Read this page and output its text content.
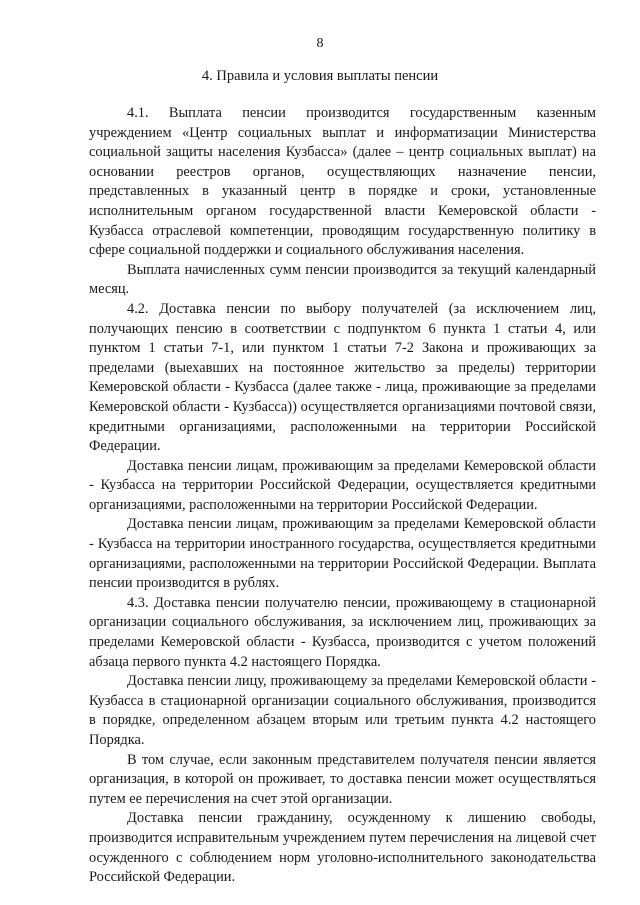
8
4. Правила и условия выплаты пенсии

4.1. Выплата пенсии производится государственным казенным учреждением «Центр социальных выплат и информатизации Министерства социальной защиты населения Кузбасса» (далее – центр социальных выплат) на основании реестров органов, осуществляющих назначение пенсии, представленных в указанный центр в порядке и сроки, установленные исполнительным органом государственной власти Кемеровской области - Кузбасса отраслевой компетенции, проводящим государственную политику в сфере социальной поддержки и социального обслуживания населения.

Выплата начисленных сумм пенсии производится за текущий календарный месяц.

4.2. Доставка пенсии по выбору получателей (за исключением лиц, получающих пенсию в соответствии с подпунктом 6 пункта 1 статьи 4, или пунктом 1 статьи 7-1, или пунктом 1 статьи 7-2 Закона и проживающих за пределами (выехавших на постоянное жительство за пределы) территории Кемеровской области - Кузбасса (далее также - лица, проживающие за пределами Кемеровской области - Кузбасса)) осуществляется организациями почтовой связи, кредитными организациями, расположенными на территории Российской Федерации.

Доставка пенсии лицам, проживающим за пределами Кемеровской области - Кузбасса на территории Российской Федерации, осуществляется кредитными организациями, расположенными на территории Российской Федерации.

Доставка пенсии лицам, проживающим за пределами Кемеровской области - Кузбасса на территории иностранного государства, осуществляется кредитными организациями, расположенными на территории Российской Федерации. Выплата пенсии производится в рублях.

4.3. Доставка пенсии получателю пенсии, проживающему в стационарной организации социального обслуживания, за исключением лиц, проживающих за пределами Кемеровской области - Кузбасса, производится с учетом положений абзаца первого пункта 4.2 настоящего Порядка.

Доставка пенсии лицу, проживающему за пределами Кемеровской области - Кузбасса в стационарной организации социального обслуживания, производится в порядке, определенном абзацем вторым или третьим пункта 4.2 настоящего Порядка.

В том случае, если законным представителем получателя пенсии является организация, в которой он проживает, то доставка пенсии может осуществляться путем ее перечисления на счет этой организации.

Доставка пенсии гражданину, осужденному к лишению свободы, производится исправительным учреждением путем перечисления на лицевой счет осужденного с соблюдением норм уголовно-исполнительного законодательства Российской Федерации.
